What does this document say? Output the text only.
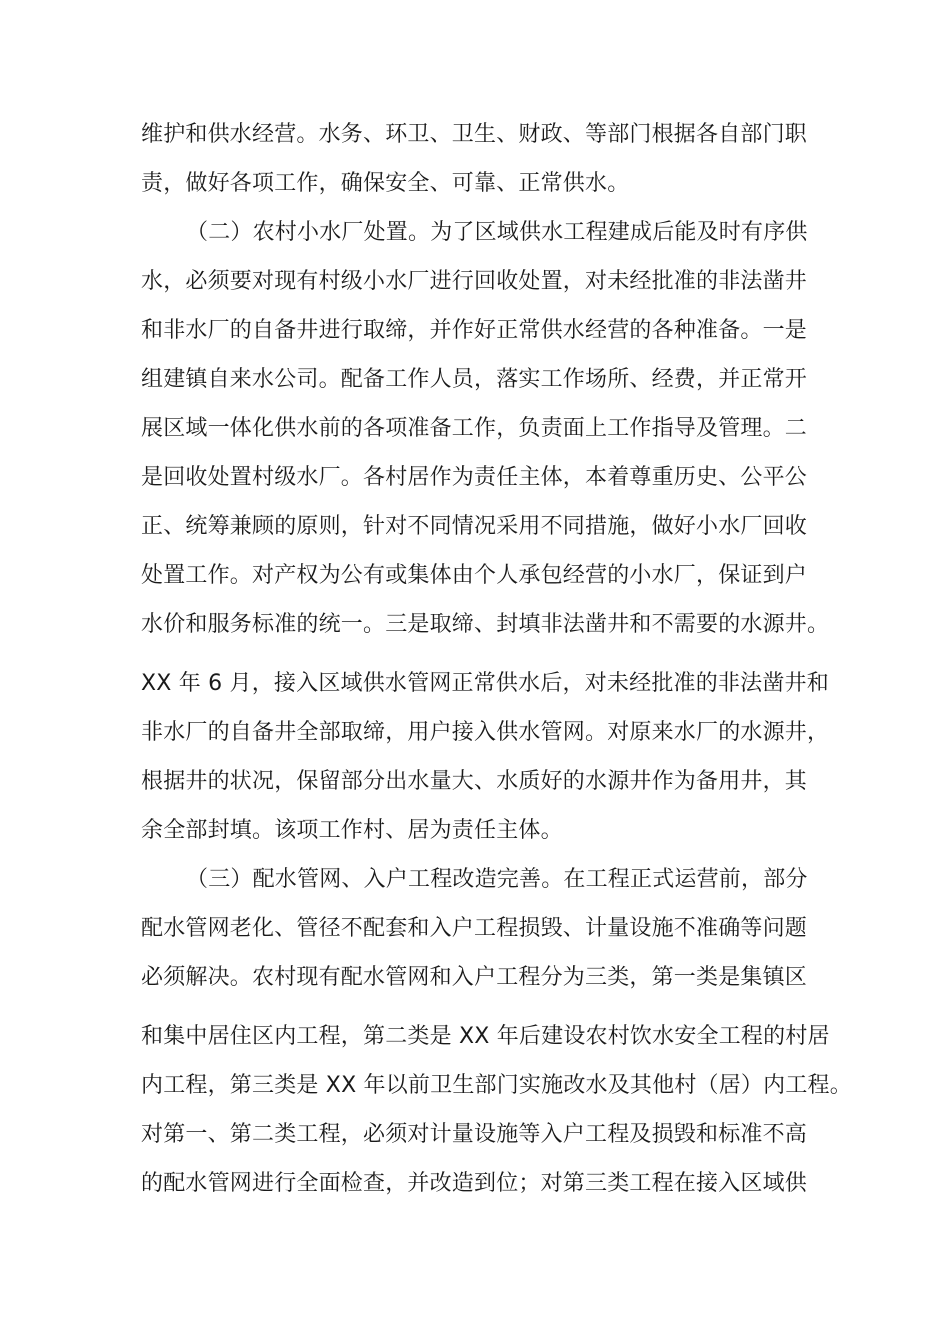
维护和供水经营。水务、环卫、卫生、财政、等部门根据各自部门职
责，做好各项工作，确保安全、可靠、正常供水。
（二）农村小水厂处置。为了区域供水工程建成后能及时有序供
水，必须要对现有村级小水厂进行回收处置，对未经批准的非法凿井
和非水厂的自备井进行取缔，并作好正常供水经营的各种准备。一是
组建镇自来水公司。配备工作人员，落实工作场所、经费，并正常开
展区域一体化供水前的各项准备工作，负责面上工作指导及管理。二
是回收处置村级水厂。各村居作为责任主体，本着尊重历史、公平公
正、统筹兼顾的原则，针对不同情况采用不同措施，做好小水厂回收
处置工作。对产权为公有或集体由个人承包经营的小水厂，保证到户
水价和服务标准的统一。三是取缔、封填非法凿井和不需要的水源井。
XX 年 6 月，接入区域供水管网正常供水后，对未经批准的非法凿井和
非水厂的自备井全部取缔，用户接入供水管网。对原来水厂的水源井，
根据井的状况，保留部分出水量大、水质好的水源井作为备用井，其
余全部封填。该项工作村、居为责任主体。
（三）配水管网、入户工程改造完善。在工程正式运营前，部分
配水管网老化、管径不配套和入户工程损毁、计量设施不准确等问题
必须解决。农村现有配水管网和入户工程分为三类，第一类是集镇区
和集中居住区内工程，第二类是 XX 年后建设农村饮水安全工程的村居
内工程，第三类是 XX 年以前卫生部门实施改水及其他村（居）内工程。
对第一、第二类工程，必须对计量设施等入户工程及损毁和标准不高
的配水管网进行全面检查，并改造到位；对第三类工程在接入区域供
